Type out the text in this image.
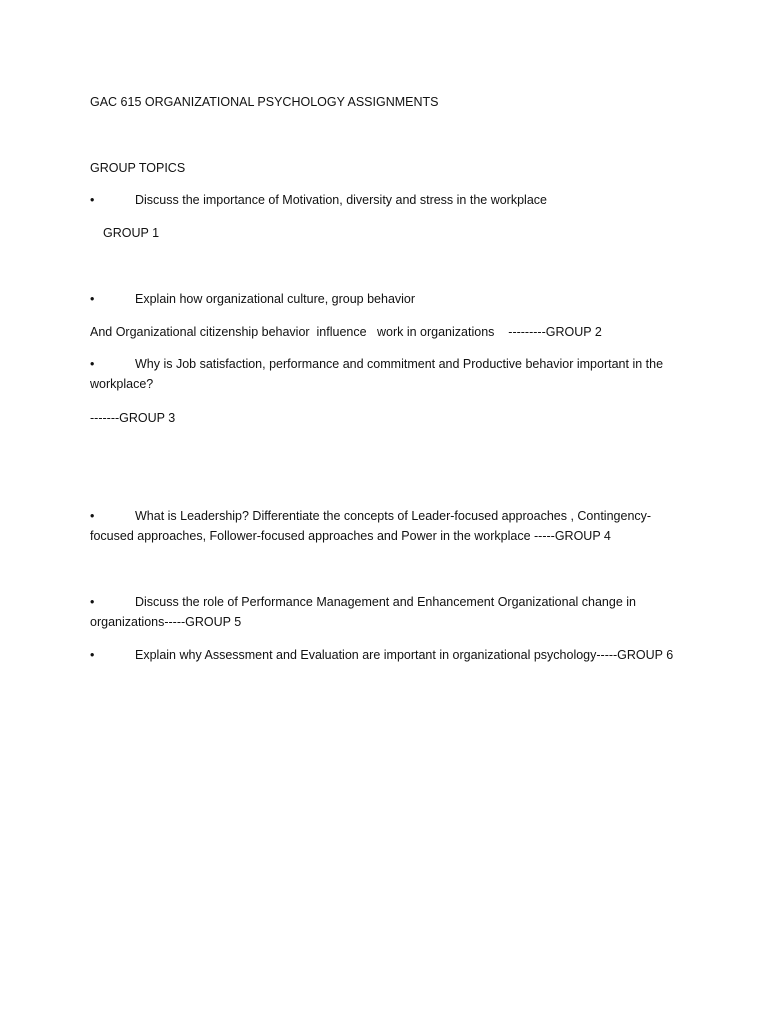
GAC 615 ORGANIZATIONAL PSYCHOLOGY ASSIGNMENTS
GROUP TOPICS
•	Discuss the importance of Motivation, diversity and stress in the workplace
GROUP 1
•	Explain how organizational culture, group behavior
And Organizational citizenship behavior  influence   work in organizations    ---------GROUP 2
•	Why is Job satisfaction, performance and commitment and Productive behavior important in the workplace?
-------GROUP 3
•	What is Leadership? Differentiate the concepts of Leader-focused approaches , Contingency-focused approaches, Follower-focused approaches and Power in the workplace -----GROUP 4
•	Discuss the role of Performance Management and Enhancement Organizational change in organizations-----GROUP 5
•	Explain why Assessment and Evaluation are important in organizational psychology-----GROUP 6
